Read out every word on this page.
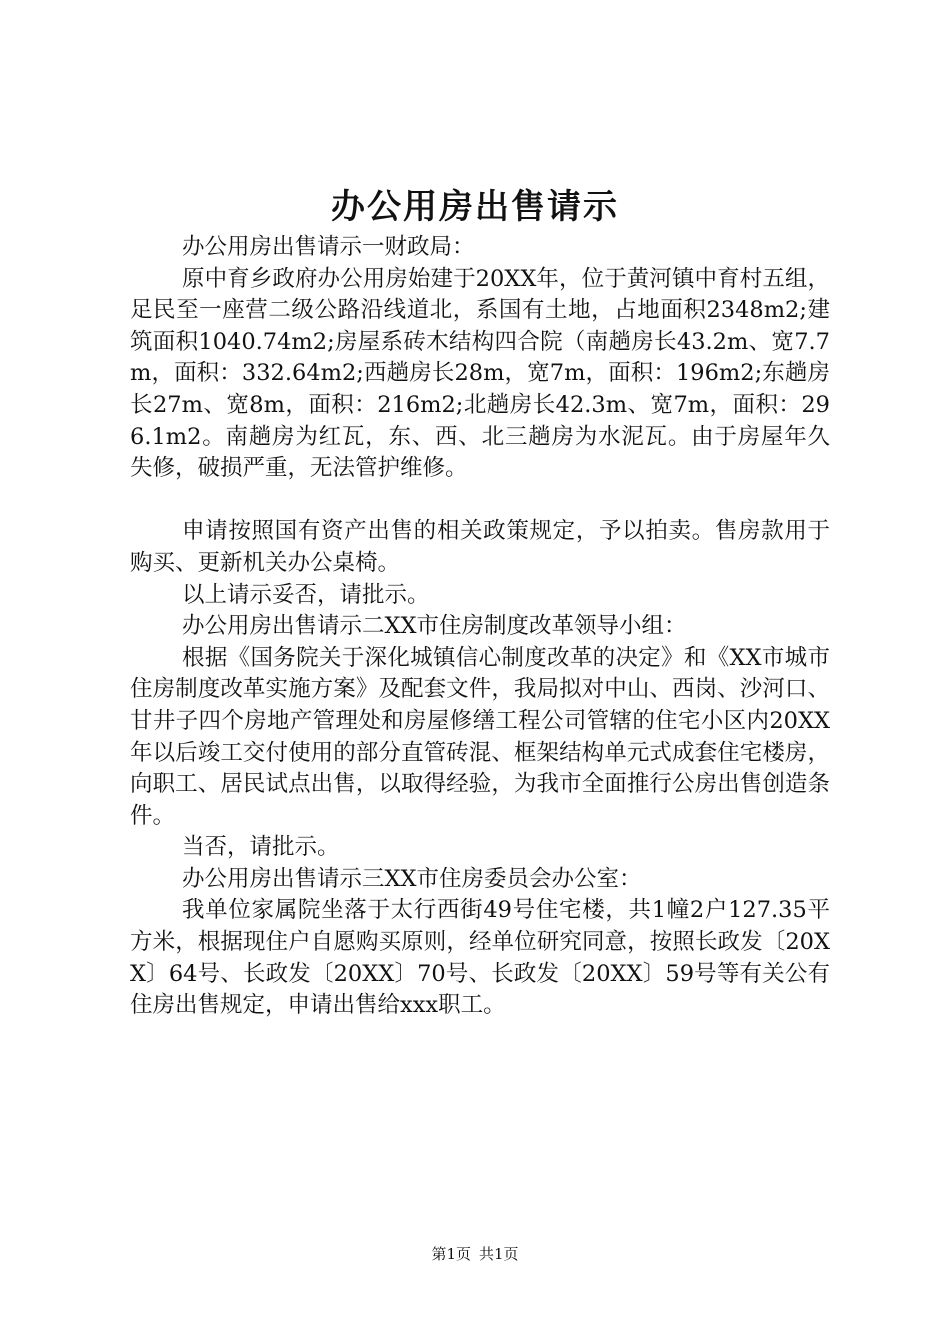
办公用房出售请示

办公用房出售请示一财政局：

原中育乡政府办公用房始建于20XX年，位于黄河镇中育村五组，足民至一座营二级公路沿线道北，系国有土地，占地面积2348m2;建筑面积1040.74m2;房屋系砖木结构四合院（南趟房长43.2m、宽7.7m，面积：332.64m2;西趟房长28m，宽7m，面积：196m2;东趟房长27m、宽8m，面积：216m2;北趟房长42.3m、宽7m，面积：296.1m2。南趟房为红瓦，东、西、北三趟房为水泥瓦。由于房屋年久失修，破损严重，无法管护维修。

申请按照国有资产出售的相关政策规定，予以拍卖。售房款用于购买、更新机关办公桌椅。

以上请示妥否，请批示。

办公用房出售请示二XX市住房制度改革领导小组：

根据《国务院关于深化城镇信心制度改革的决定》和《XX市城市住房制度改革实施方案》及配套文件，我局拟对中山、西岗、沙河口、甘井子四个房地产管理处和房屋修缮工程公司管辖的住宅小区内20XX年以后竣工交付使用的部分直管砖混、框架结构单元式成套住宅楼房，向职工、居民试点出售，以取得经验，为我市全面推行公房出售创造条件。

当否，请批示。

办公用房出售请示三XX市住房委员会办公室：

我单位家属院坐落于太行西街49号住宅楼，共1幢2户127.35平方米，根据现住户自愿购买原则，经单位研究同意，按照长政发〔20XX〕64号、长政发〔20XX〕70号、长政发〔20XX〕59号等有关公有住房出售规定，申请出售给xxx职工。

第1页 共1页
